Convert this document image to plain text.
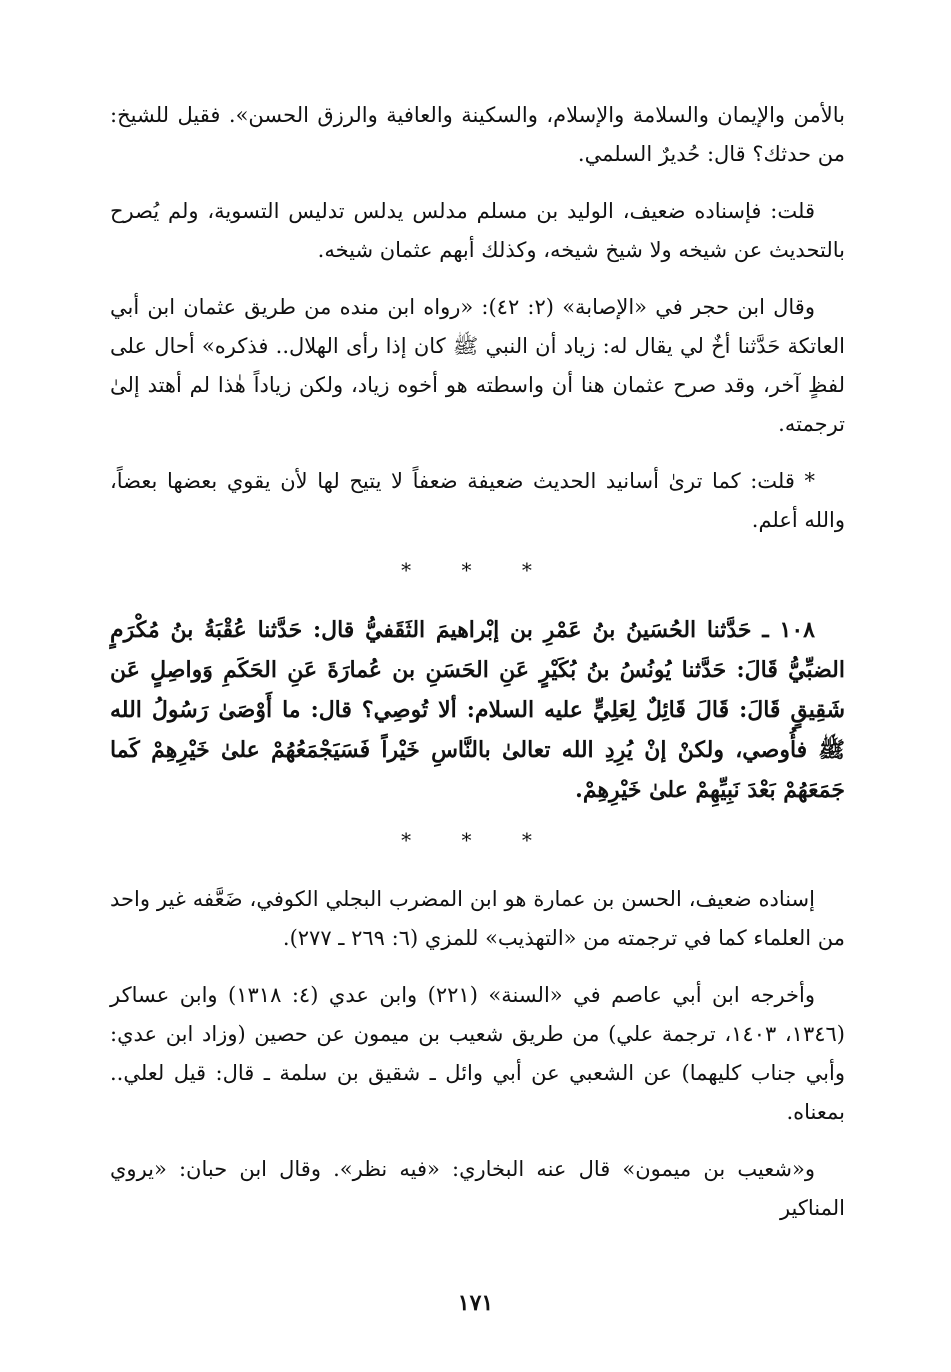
بالأمن والإيمان والسلامة والإسلام، والسكينة والعافية والرزق الحسن». فقيل للشيخ: من حدثك؟ قال: حُديرٌ السلمي.

قلت: فإسناده ضعيف، الوليد بن مسلم مدلس يدلس تدليس التسوية، ولم يُصرح بالتحديث عن شيخه ولا شيخ شيخه، وكذلك أبهم عثمان شيخه.

وقال ابن حجر في «الإصابة» (٢: ٤٢): «رواه ابن منده من طريق عثمان ابن أبي العاتكة حَدَّثنا أخٌ لي يقال له: زياد أن النبي ﷺ كان إذا رأى الهلال.. فذكره» أحال على لفظٍ آخر، وقد صرح عثمان هنا أن واسطته هو أخوه زياد، ولكن زياداً هٰذا لم أهتد إلىٰ ترجمته.

* قلت: كما ترىٰ أسانيد الحديث ضعيفة ضعفاً لا يتيح لها لأن يقوي بعضها بعضاً، والله أعلم.

* * *

١٠٨ ـ حَدَّثنا الحُسَينُ بنُ عَمْرِ بن إبْراهيمَ الثَقَفيُّ قال: حَدَّثنا عُقْبَةُ بنُ مُكْرَمٍ الضبِّيُّ قَالَ: حَدَّثنا يُونُسُ بنُ بُكَيْرٍ عَنِ الحَسَنِ بن عُمارَةَ عَنِ الحَكَمِ وَواصِلٍ عَن شَقِيقٍ قَالَ: قَالَ قَائِلٌ لِعَلِيٍّ عليه السلام: ألا تُوصِي؟ قال: ما أَوْصَىٰ رَسُولُ الله ﷺ فأُوصي، ولكنْ إنْ يُرِدِ الله تعالىٰ بالنَّاسِ خَيْراً فَسَيَجْمَعُهُمْ علىٰ خَيْرِهِمْ كَما جَمَعَهُمْ بَعْدَ نَبِيِّهِمْ علىٰ خَيْرِهِمْ.

* * *

إسناده ضعيف، الحسن بن عمارة هو ابن المضرب البجلي الكوفي، ضَعَّفه غير واحد من العلماء كما في ترجمته من «التهذيب» للمزي (٦: ٢٦٩ ـ ٢٧٧).

وأخرجه ابن أبي عاصم في «السنة» (٢٢١) وابن عدي (٤: ١٣١٨) وابن عساكر (١٣٤٦، ١٤٠٣، ترجمة علي) من طريق شعيب بن ميمون عن حصين (وزاد ابن عدي: وأبي جناب كليهما) عن الشعبي عن أبي وائل ـ شقيق بن سلمة ـ قال: قيل لعلي.. بمعناه.

و«شعيب بن ميمون» قال عنه البخاري: «فيه نظر». وقال ابن حبان: «يروي المناكير

١٧١
